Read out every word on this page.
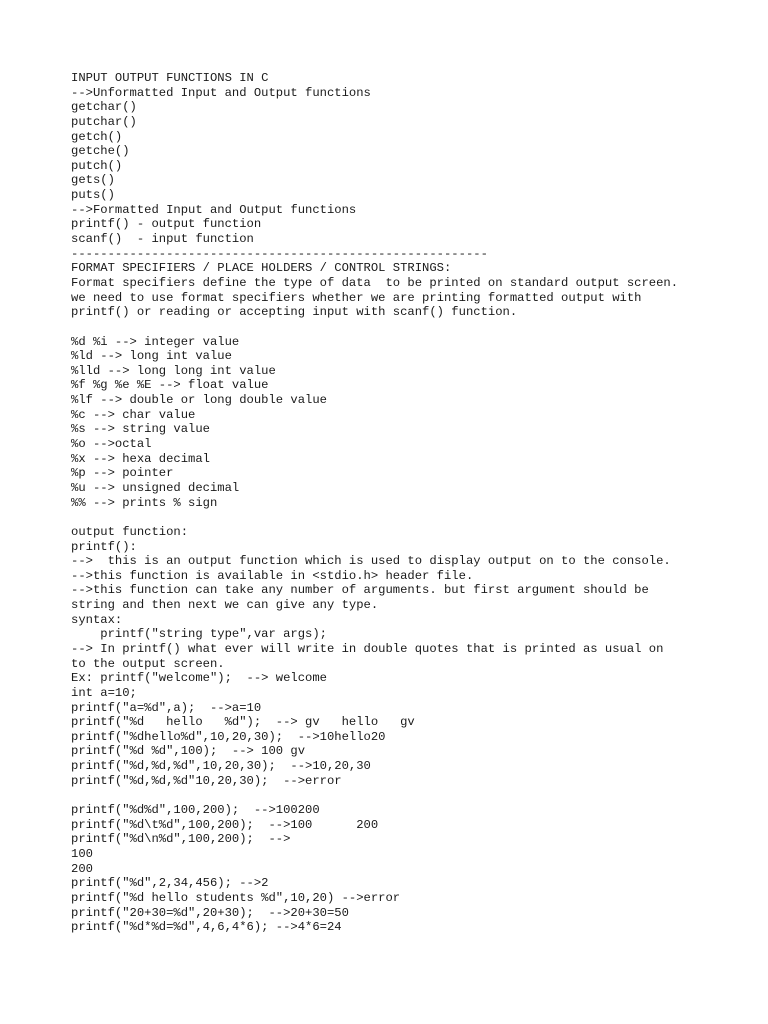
INPUT OUTPUT FUNCTIONS IN C
-->Unformatted Input and Output functions
getchar()
putchar()
getch()
getche()
putch()
gets()
puts()
-->Formatted Input and Output functions
printf() - output function
scanf()  - input function
---------------------------------------------------------
FORMAT SPECIFIERS / PLACE HOLDERS / CONTROL STRINGS:
Format specifiers define the type of data  to be printed on standard output screen.
we need to use format specifiers whether we are printing formatted output with
printf() or reading or accepting input with scanf() function.
%d %i --> integer value
%ld --> long int value
%lld --> long long int value
%f %g %e %E --> float value
%lf --> double or long double value
%c --> char value
%s --> string value
%o -->octal
%x --> hexa decimal
%p --> pointer
%u --> unsigned decimal
%% --> prints % sign
output function:
printf():
-->  this is an output function which is used to display output on to the console.
-->this function is available in <stdio.h> header file.
-->this function can take any number of arguments. but first argument should be
string and then next we can give any type.
syntax:
printf("string type",var args);
--> In printf() what ever will write in double quotes that is printed as usual on
to the output screen.
Ex: printf("welcome");  --> welcome
int a=10;
printf("a=%d",a);  -->a=10
printf("%d   hello   %d");  --> gv   hello   gv
printf("%dhello%d",10,20,30);  -->10hello20
printf("%d %d",100);  --> 100 gv
printf("%d,%d,%d",10,20,30);  -->10,20,30
printf("%d,%d,%d"10,20,30);  -->error
printf("%d%d",100,200);  -->100200
printf("%d\t%d",100,200);  -->100      200
printf("%d\n%d",100,200);  -->
100
200
printf("%d",2,34,456); -->2
printf("%d hello students %d",10,20) -->error
printf("20+30=%d",20+30);  -->20+30=50
printf("%d*%d=%d",4,6,4*6); -->4*6=24
